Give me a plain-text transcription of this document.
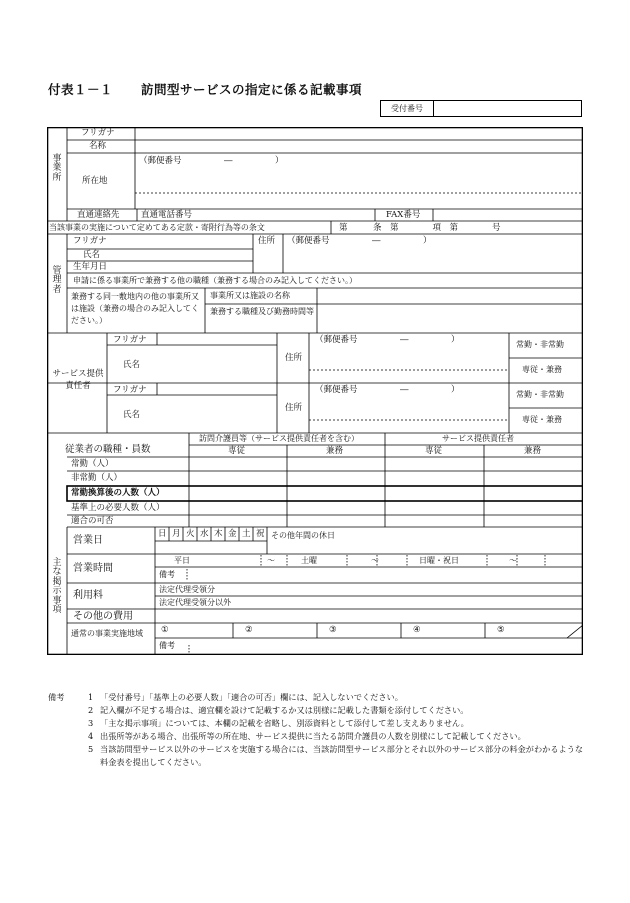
付表１－１ 訪問型サービスの指定に係る記載事項
受付番号
事業所
フリガナ
名称
所在地
（郵便番号　　　　　―　　　　　）
直通連絡先	直通電話番号	FAX番号
当該事業の実施について定めてある定款・寄附行為等の条文	第　　　条　第　　　　項　第　　　　号
管理者
フリガナ
氏名
生年月日
住所 （郵便番号　　　　　―　　　　　）
申請に係る事業所で兼務する他の職種（兼務する場合のみ記入してください。）
兼務する同一敷地内の他の事業所又は施設（兼務の場合のみ記入してください。）
事業所又は施設の名称
兼務する職種及び勤務時間等
サービス提供責任者
フリガナ
氏名
住所
（郵便番号　　　　　―　　　　　）	常勤・非常勤
専従・兼務
フリガナ
氏名
住所
（郵便番号　　　　　―　　　　　）	常勤・非常勤
専従・兼務
訪問介護員等（サービス提供責任者を含む）	サービス提供責任者
従業者の職種・員数	専従	兼務	専従	兼務
常勤（人）
非常勤（人）
常勤換算後の人数（人）
基準上の必要人数（人）
適合の可否
主な掲示事項
営業日
日 月 火 水 木 金 土 祝 その他年間の休日
営業時間
平日	～	土曜	～	日曜・祝日	～
備考
利用料
法定代理受領分
法定代理受領分以外
その他の費用
通常の事業実施地域	①	②	③	④	⑤
備考
備考	1 「受付番号」「基準上の必要人数」「適合の可否」欄には、記入しないでください。
2 記入欄が不足する場合は、適宜欄を設けて記載するか又は別様に記載した書類を添付してください。
3 「主な掲示事項」については、本欄の記載を省略し、別添資料として添付して差し支えありません。
4 出張所等がある場合、出張所等の所在地、サービス提供に当たる訪問介護員の人数を別様にして記載してください。
5 当該訪問型サービス以外のサービスを実施する場合には、当該訪問型サービス部分とそれ以外のサービス部分の料金がわかるような料金表を提出してください。
